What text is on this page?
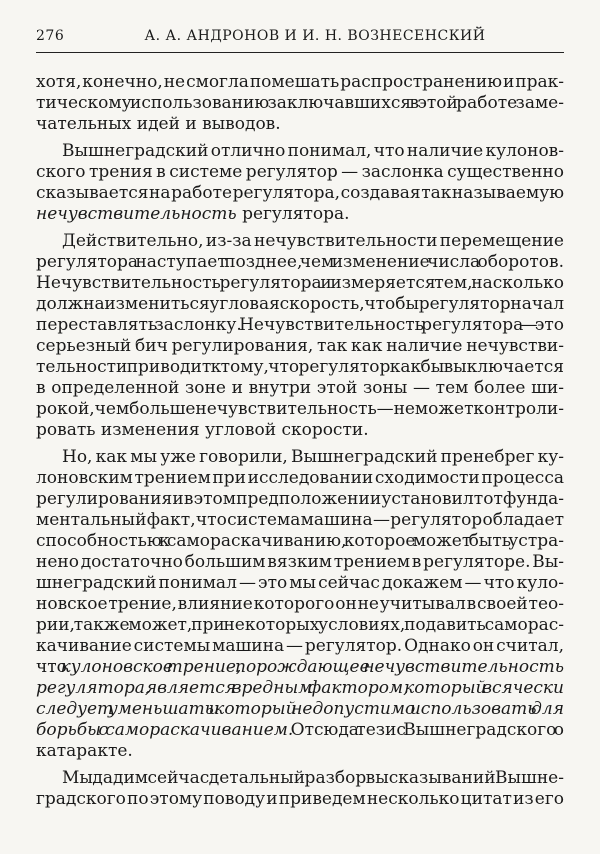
276	А. А. АНДРОНОВ И И. Н. ВОЗНЕСЕНСКИЙ

хотя, конечно, не смогла помешать распространению и прак-
тическому использованию заключавшихся в этой работе заме-
чательных идей и выводов.

Вышнеградский отлично понимал, что наличие кулонов-
ского трения в системе регулятор — заслонка существенно
сказывается на работе регулятора, создавая так называемую
нечувствительность регулятора.

Действительно, из-за нечувствительности перемещение
регулятора наступает позднее, чем изменение числа оборотов.
Нечувствительность регулятора и измеряется тем, насколько
должна измениться угловая скорость, чтобы регулятор начал
переставлять заслонку. Нечувствительность регулятора — это
серьезный бич регулирования, так как наличие нечувстви-
тельности приводит к тому, что регулятор как бы выключается
в определенной зоне и внутри этой зоны — тем более ши-
рокой, чем больше нечувствительность — не может контроли-
ровать изменения угловой скорости.

Но, как мы уже говорили, Вышнеградский пренебрег ку-
лоновским трением при исследовании сходимости процесса
регулирования и в этом предположении установил тот фунда-
ментальный факт, что система машина — регулятор обладает
способностью к самораскачиванию, которое может быть устра-
нено достаточно большим вязким трением в регуляторе. Вы-
шнеградский понимал — это мы сейчас докажем — что куло-
новское трение, влияние которого он не учитывал в своей тео-
рии, также может, при некоторых условиях, подавить саморас-
качивание системы машина — регулятор. Однако он считал,
что кулоновское трение, порождающее нечувствительность
регулятора, является вредным фактором, который всячески
следует уменьшать и который недопустимо использовать для
борьбы с самораскачиванием. Отсюда тезис Вышнеградского о
катаракте.

Мы дадим сейчас детальный разбор высказываний Вышне-
градского по этому поводу и приведем несколько цитат из его
